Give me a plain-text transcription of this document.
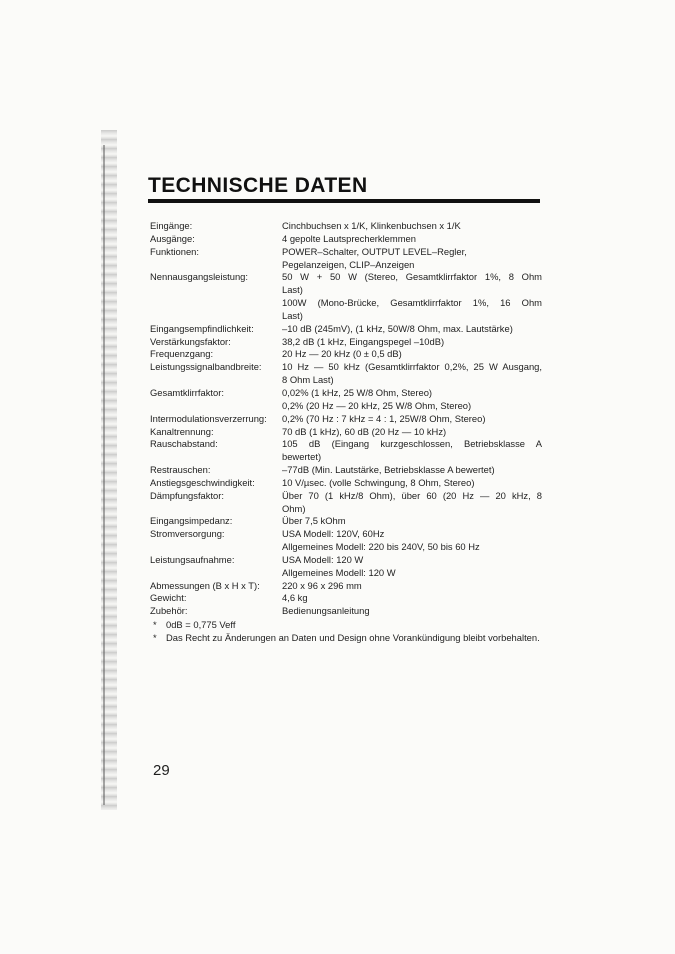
TECHNISCHE DATEN
Eingänge:	Cinchbuchsen x 1/K, Klinkenbuchsen x 1/K
Ausgänge:	4 gepolte Lautsprecherklemmen
Funktionen:	POWER–Schalter, OUTPUT LEVEL–Regler,
Pegelanzeigen, CLIP–Anzeigen
Nennausgangsleistung:	50 W + 50 W (Stereo, Gesamtklirrfaktor 1%, 8 Ohm
Last)
100W (Mono-Brücke, Gesamtklirrfaktor 1%, 16 Ohm
Last)
Eingangsempfindlichkeit:	–10 dB (245mV), (1 kHz, 50W/8 Ohm, max. Lautstärke)
Verstärkungsfaktor:	38,2 dB (1 kHz, Eingangspegel –10dB)
Frequenzgang:	20 Hz — 20 kHz (0 ± 0,5 dB)
Leistungssignalbandbreite:	10 Hz — 50 kHz (Gesamtklirrfaktor 0,2%, 25 W Ausgang,
8 Ohm Last)
Gesamtklirrfaktor:	0,02% (1 kHz, 25 W/8 Ohm, Stereo)
0,2% (20 Hz — 20 kHz, 25 W/8 Ohm, Stereo)
Intermodulationsverzerrung:	0,2% (70 Hz : 7 kHz = 4 : 1, 25W/8 Ohm, Stereo)
Kanaltrennung:	70 dB (1 kHz), 60 dB (20 Hz — 10 kHz)
Rauschabstand:	105 dB (Eingang kurzgeschlossen, Betriebsklasse A
bewertet)
Restrauschen:	–77dB (Min. Lautstärke, Betriebsklasse A bewertet)
Anstiegsgeschwindigkeit:	10 V/µsec. (volle Schwingung, 8 Ohm, Stereo)
Dämpfungsfaktor:	Über 70 (1 kHz/8 Ohm), über 60 (20 Hz — 20 kHz, 8
Ohm)
Eingangsimpedanz:	Über 7,5 kOhm
Stromversorgung:	USA Modell: 120V, 60Hz
Allgemeines Modell: 220 bis 240V, 50 bis 60 Hz
Leistungsaufnahme:	USA Modell: 120 W
Allgemeines Modell: 120 W
Abmessungen (B x H x T):	220 x 96 x 296 mm
Gewicht:	4,6 kg
Zubehör:	Bedienungsanleitung
* 0dB = 0,775 Veff
* Das Recht zu Änderungen an Daten und Design ohne Vorankündigung bleibt vorbehalten.
29
